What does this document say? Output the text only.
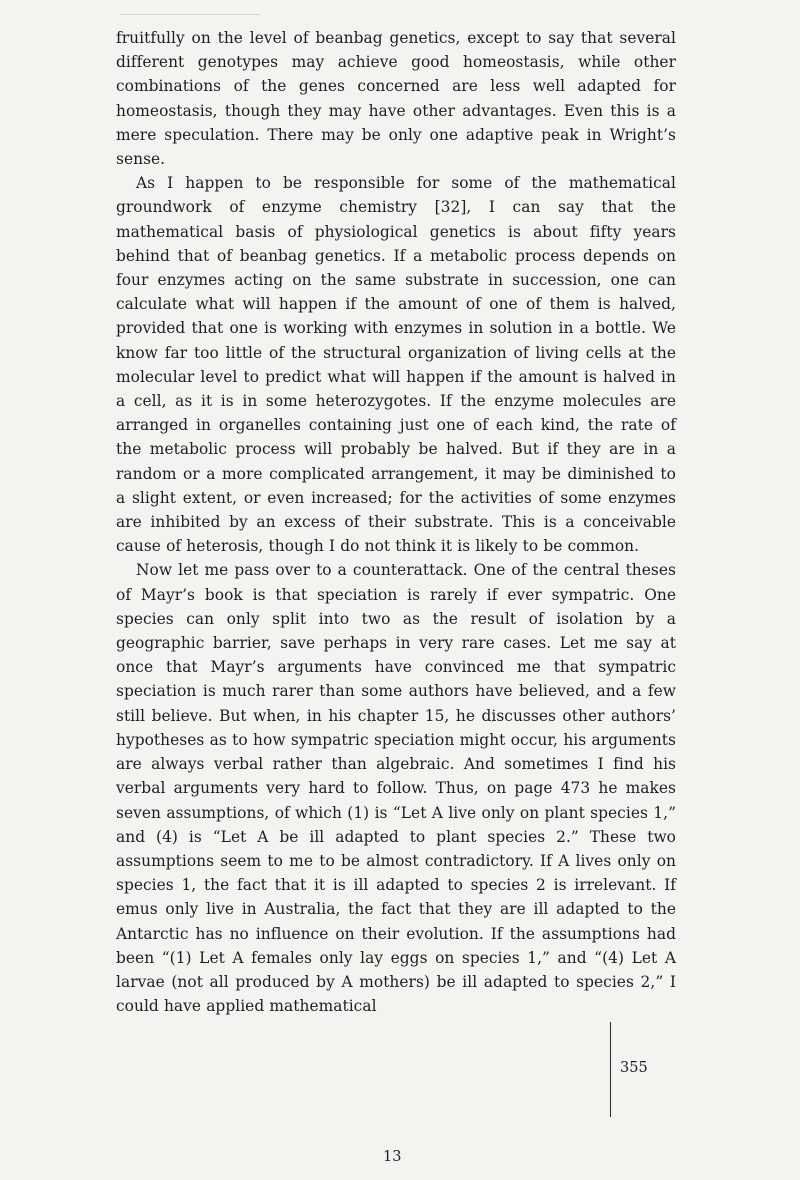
fruitfully on the level of beanbag genetics, except to say that several different genotypes may achieve good homeostasis, while other combinations of the genes concerned are less well adapted for homeostasis, though they may have other advantages. Even this is a mere speculation. There may be only one adaptive peak in Wright’s sense.

As I happen to be responsible for some of the mathematical groundwork of enzyme chemistry [32], I can say that the mathematical basis of physiological genetics is about fifty years behind that of beanbag genetics. If a metabolic process depends on four enzymes acting on the same substrate in succession, one can calculate what will happen if the amount of one of them is halved, provided that one is working with enzymes in solution in a bottle. We know far too little of the structural organization of living cells at the molecular level to predict what will happen if the amount is halved in a cell, as it is in some heterozygotes. If the enzyme molecules are arranged in organelles containing just one of each kind, the rate of the metabolic process will probably be halved. But if they are in a random or a more complicated arrangement, it may be diminished to a slight extent, or even increased; for the activities of some enzymes are inhibited by an excess of their substrate. This is a conceivable cause of heterosis, though I do not think it is likely to be common.

Now let me pass over to a counterattack. One of the central theses of Mayr’s book is that speciation is rarely if ever sympatric. One species can only split into two as the result of isolation by a geographic barrier, save perhaps in very rare cases. Let me say at once that Mayr’s arguments have convinced me that sympatric speciation is much rarer than some authors have believed, and a few still believe. But when, in his chapter 15, he discusses other authors’ hypotheses as to how sympatric speciation might occur, his arguments are always verbal rather than algebraic. And sometimes I find his verbal arguments very hard to follow. Thus, on page 473 he makes seven assumptions, of which (1) is “Let A live only on plant species 1,” and (4) is “Let A be ill adapted to plant species 2.” These two assumptions seem to me to be almost contradictory. If A lives only on species 1, the fact that it is ill adapted to species 2 is irrelevant. If emus only live in Australia, the fact that they are ill adapted to the Antarctic has no influence on their evolution. If the assumptions had been “(1) Let A females only lay eggs on species 1,” and “(4) Let A larvae (not all produced by A mothers) be ill adapted to species 2,” I could have applied mathematical

355
13
